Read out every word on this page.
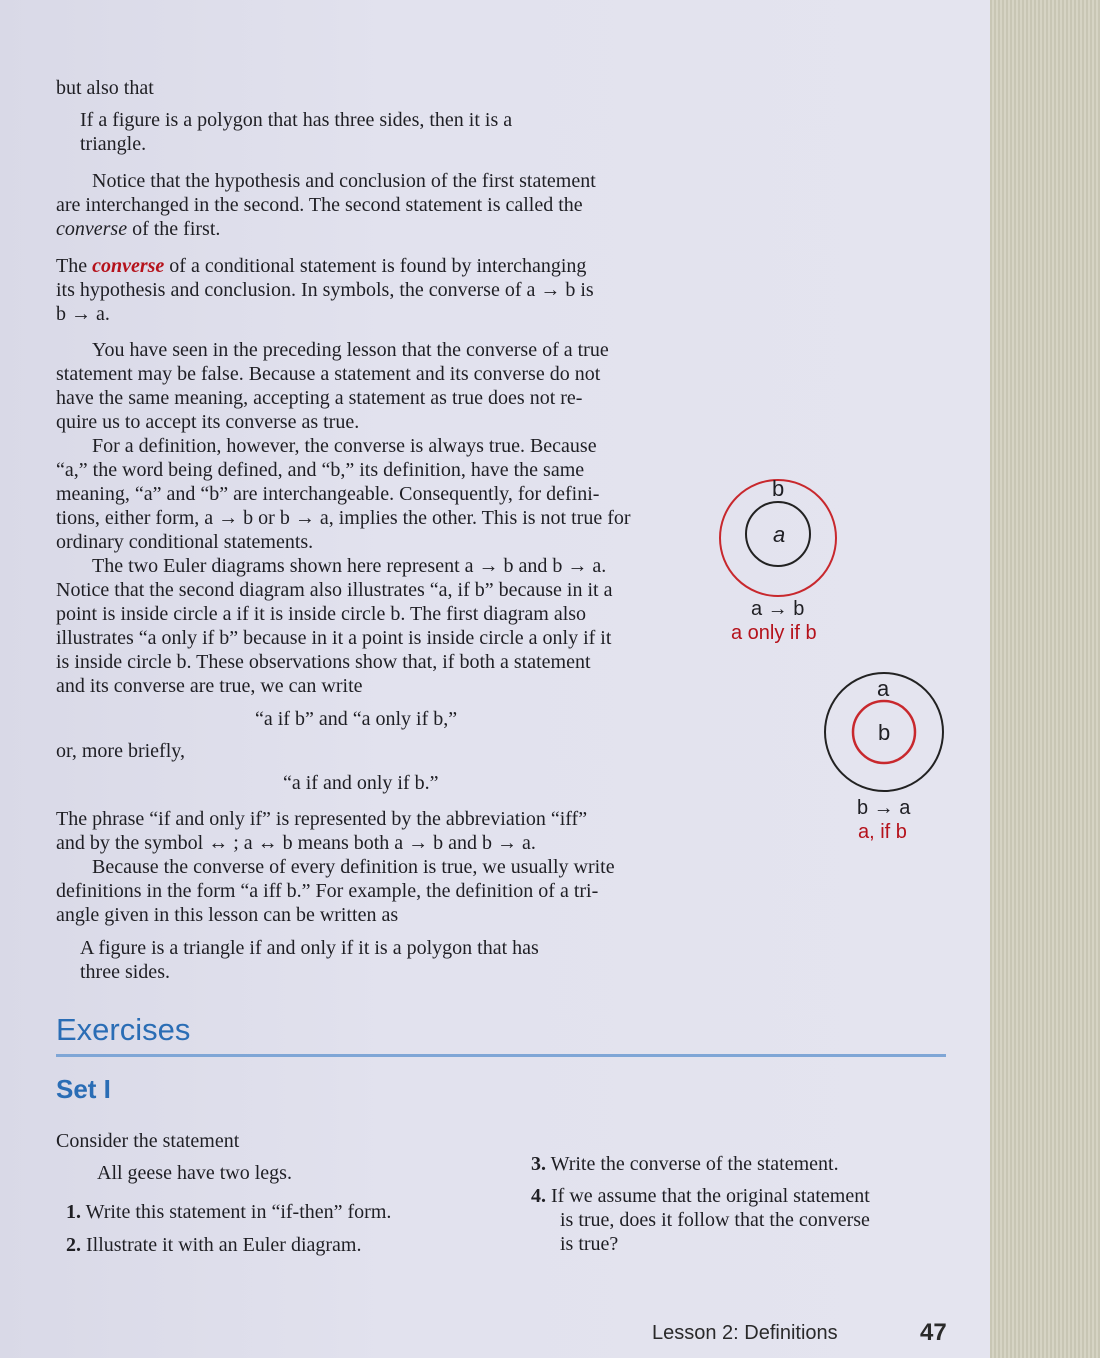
but also that

If a figure is a polygon that has three sides, then it is a

triangle.

Notice that the hypothesis and conclusion of the first statement

are interchanged in the second. The second statement is called the

converse of the first.

The converse of a conditional statement is found by interchanging

its hypothesis and conclusion. In symbols, the converse of a → b is

b → a.

You have seen in the preceding lesson that the converse of a true

statement may be false. Because a statement and its converse do not

have the same meaning, accepting a statement as true does not re-

quire us to accept its converse as true.

For a definition, however, the converse is always true. Because

“a,” the word being defined, and “b,” its definition, have the same

meaning, “a” and “b” are interchangeable. Consequently, for defini-

tions, either form, a → b or b → a, implies the other. This is not true for

ordinary conditional statements.

The two Euler diagrams shown here represent a → b and b → a.

Notice that the second diagram also illustrates “a, if b” because in it a

point is inside circle a if it is inside circle b. The first diagram also

illustrates “a only if b” because in it a point is inside circle a only if it

is inside circle b. These observations show that, if both a statement

and its converse are true, we can write

“a if b” and “a only if b,”

or, more briefly,

“a if and only if b.”

The phrase “if and only if” is represented by the abbreviation “iff”

and by the symbol ↔ ; a ↔ b means both a → b and b → a.

Because the converse of every definition is true, we usually write

definitions in the form “a iff b.” For example, the definition of a tri-

angle given in this lesson can be written as

A figure is a triangle if and only if it is a polygon that has

three sides.

b
a
a → b
a only if b
a
b
b → a
a, if b
Exercises
Set I

Consider the statement

All geese have two legs.

1. Write this statement in “if-then” form.

2. Illustrate it with an Euler diagram.

3. Write the converse of the statement.

4. If we assume that the original statement

is true, does it follow that the converse

is true?

Lesson 2: Definitions	47
